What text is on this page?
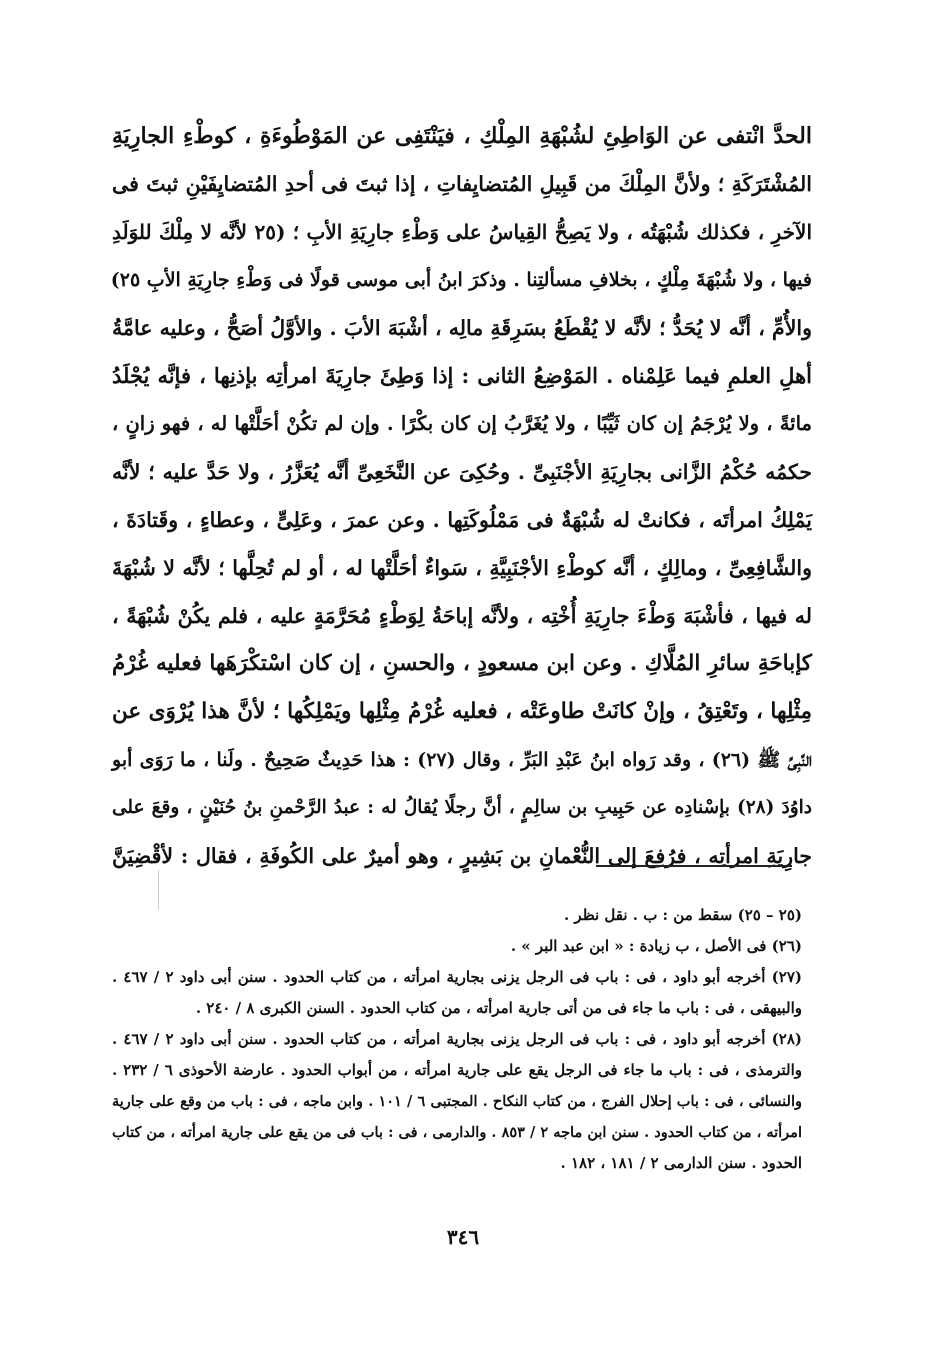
الحدَّ انْتفى عن الوَاطِئِ لشُبْهَةِ المِلْكِ ، فيَنْتَفِى عن المَوْطُوءَةِ ، كوطْءِ الجارِيَةِ
المُشْتَرَكَةِ ؛ ولأنَّ المِلْكَ من قَبِيلِ المُتضايِفاتِ ، إذا ثبتَ فى أحدِ المُتضايِفَيْنِ ثبتَ فى
الآخرِ ، فكذلك شُبْهَتُه ، ولا يَصِحُّ القِياسُ على وَطْءِ جارِيَةِ الأبِ ؛ (٢٥ لأنَّه لا مِلْكَ للوَلَدِ
فيها ، ولا شُبْهَةَ مِلْكٍ ، بخلافِ مسألتِنا . وذكرَ ابنُ أبى موسى قولًا فى وَطْءِ جارِيَةِ الأبِ ٢٥)
والأُمِّ ، أنَّه لا يُحَدُّ ؛ لأنَّه لا يُقْطَعُ بسَرِقَةِ مالِه ، أشْبَهَ الأبَ . والأوَّلُ أصَحُّ ، وعليه عامَّةُ
أهلِ العلمِ فيما عَلِمْناه . المَوْضِعُ الثانى : إذا وَطِئَ جارِيَةَ امرأتِه بإذنِها ، فإنَّه يُجْلَدُ
مائةً ، ولا يُرْجَمُ إن كان ثَيِّبًا ، ولا يُغَرَّبُ إن كان بكْرًا . وإن لم تكُنْ أحَلَّتْها له ، فهو زانٍ ،
حكمُه حُكْمُ الزَّانى بجارِيَةِ الأجْنَبِىِّ . وحُكِىَ عن النَّخَعِىِّ أنَّه يُعَزَّرُ ، ولا حَدَّ عليه ؛ لأنَّه
يَمْلِكُ امرأتَه ، فكانتْ له شُبْهَةٌ فى مَمْلُوكَتِها . وعن عمرَ ، وعَلِىٍّ ، وعطاءٍ ، وقَتادَةَ ،
والشَّافِعِىِّ ، ومالِكٍ ، أنَّه كوطْءِ الأجْنَبِيَّةِ ، سَواءٌ أحَلَّتْها له ، أو لم تُحِلَّها ؛ لأنَّه لا شُبْهَةَ
له فيها ، فأشْبَهَ وَطْءَ جارِيَةِ أُخْتِه ، ولأنَّه إباحَةُ لِوَطْءٍ مُحَرَّمَةٍ عليه ، فلم يكُنْ شُبْهَةً ،
كإباحَةِ سائرِ المُلَّاكِ . وعن ابن مسعودٍ ، والحسنِ ، إن كان اسْتكْرَهَها فعليه غُرْمُ
مِثْلِها ، وتَعْتِقُ ، وإنْ كانَتْ طاوعَتْه ، فعليه غُرْمُ مِثْلِها ويَمْلِكُها ؛ لأنَّ هذا يُرْوَى عن
النَّبِىِّ ﷺ (٢٦) ، وقد رَواه ابنُ عَبْدِ البَرِّ ، وقال (٢٧) : هذا حَدِيثٌ صَحِيحٌ . ولَنا ، ما رَوَى أبو
داوُدَ (٢٨) بإسْنادِه عن حَبِيبِ بن سالِمٍ ، أنَّ رجلًا يُقالُ له : عبدُ الرَّحْمنِ بنُ حُنَيْنٍ ، وقعَ على
جارِيَةِ امرأتِه ، فرُفِعَ إلى النُّعْمانِ بن بَشِيرٍ ، وهو أميرٌ على الكُوفَةِ ، فقال : لأقْضِيَنَّ
(٢٥ – ٢٥) سقط من : ب . نقل نظر .
(٢٦) فى الأصل ، ب زيادة : « ابن عبد البر » .
(٢٧) أخرجه أبو داود ، فى : باب فى الرجل يزنى بجارية امرأته ، من كتاب الحدود . سنن أبى داود ٢ / ٤٦٧ .
والبيهقى ، فى : باب ما جاء فى من أتى جارية امرأته ، من كتاب الحدود . السنن الكبرى ٨ / ٢٤٠ .
(٢٨) أخرجه أبو داود ، فى : باب فى الرجل يزنى بجارية امرأته ، من كتاب الحدود . سنن أبى داود ٢ / ٤٦٧ .
والترمذى ، فى : باب ما جاء فى الرجل يقع على جارية امرأته ، من أبواب الحدود . عارضة الأحوذى ٦ / ٢٣٢ .
والنسائى ، فى : باب إحلال الفرج ، من كتاب النكاح . المجتبى ٦ / ١٠١ . وابن ماجه ، فى : باب من وقع على جارية
امرأته ، من كتاب الحدود . سنن ابن ماجه ٢ / ٨٥٣ . والدارمى ، فى : باب فى من يقع على جارية امرأته ، من كتاب
الحدود . سنن الدارمى ٢ / ١٨١ ، ١٨٢ .
٣٤٦
